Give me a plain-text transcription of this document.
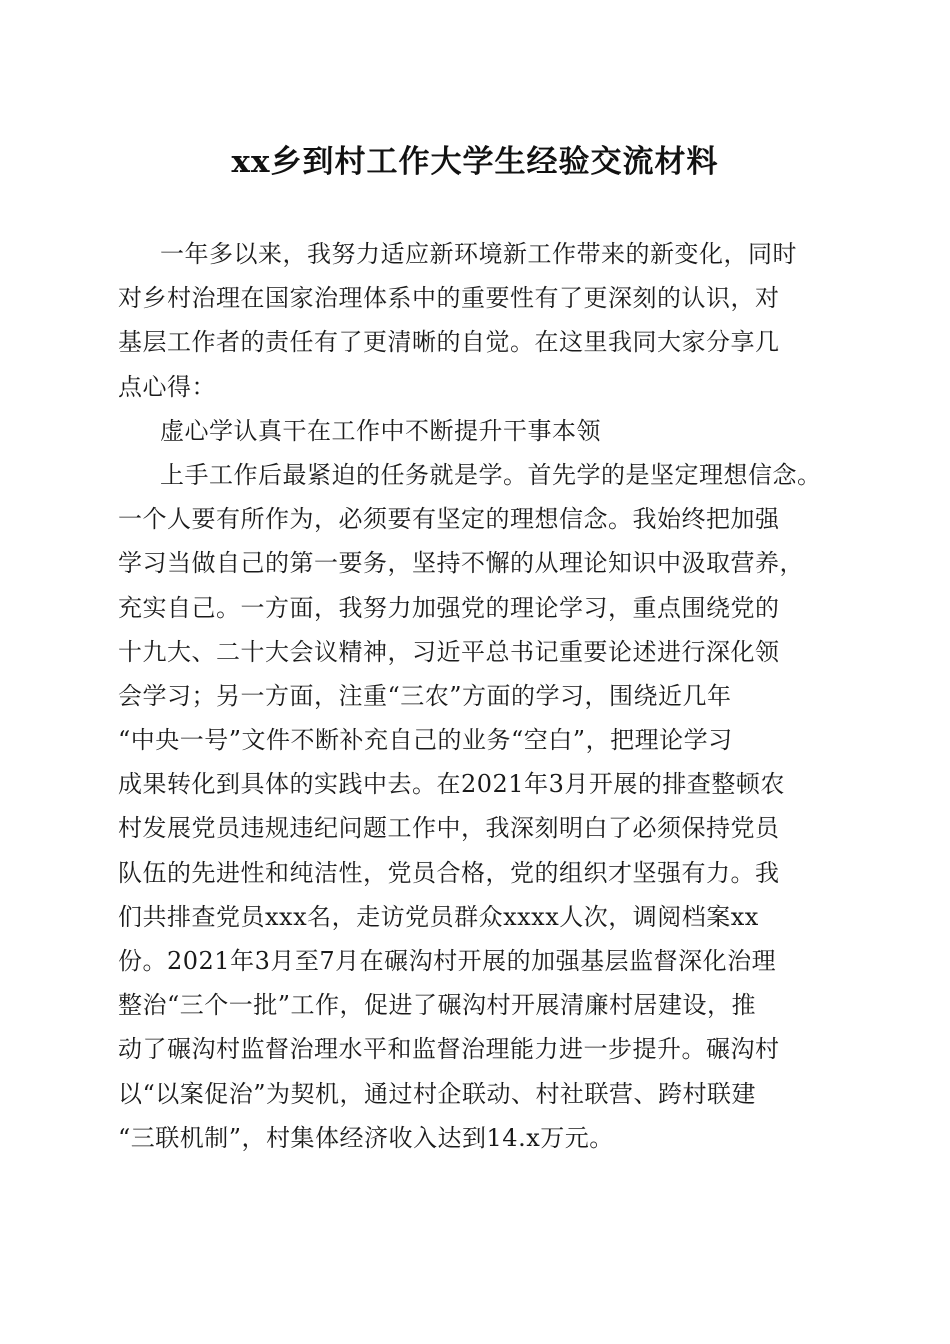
xx乡到村工作大学生经验交流材料
一年多以来，我努力适应新环境新工作带来的新变化，同时
对乡村治理在国家治理体系中的重要性有了更深刻的认识，对
基层工作者的责任有了更清晰的自觉。在这里我同大家分享几
点心得：
虚心学认真干在工作中不断提升干事本领
上手工作后最紧迫的任务就是学。首先学的是坚定理想信念。
一个人要有所作为，必须要有坚定的理想信念。我始终把加强
学习当做自己的第一要务，坚持不懈的从理论知识中汲取营养，
充实自己。一方面，我努力加强党的理论学习，重点围绕党的
十九大、二十大会议精神，习近平总书记重要论述进行深化领
会学习；另一方面，注重“三农”方面的学习，围绕近几年
“中央一号”文件不断补充自己的业务“空白”，把理论学习
成果转化到具体的实践中去。在2021年3月开展的排查整顿农
村发展党员违规违纪问题工作中，我深刻明白了必须保持党员
队伍的先进性和纯洁性，党员合格，党的组织才坚强有力。我
们共排查党员xxx名，走访党员群众xxxx人次，调阅档案xx
份。2021年3月至7月在碾沟村开展的加强基层监督深化治理
整治“三个一批”工作，促进了碾沟村开展清廉村居建设，推
动了碾沟村监督治理水平和监督治理能力进一步提升。碾沟村
以“以案促治”为契机，通过村企联动、村社联营、跨村联建
“三联机制”，村集体经济收入达到14.x万元。
